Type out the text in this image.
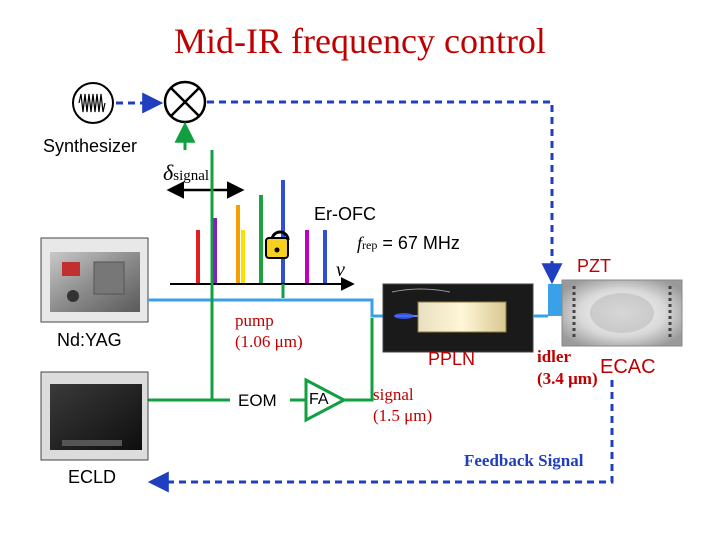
Mid-IR frequency control
Synthesizer
δsignal
Er-OFC
frep = 67 MHz
ν	PZT
Nd:YAG
pump
(1.06 μm)
PPLN	idler
(3.4 μm)
ECAC
EOM FA	signal
(1.5 μm)
Feedback Signal
ECLD
